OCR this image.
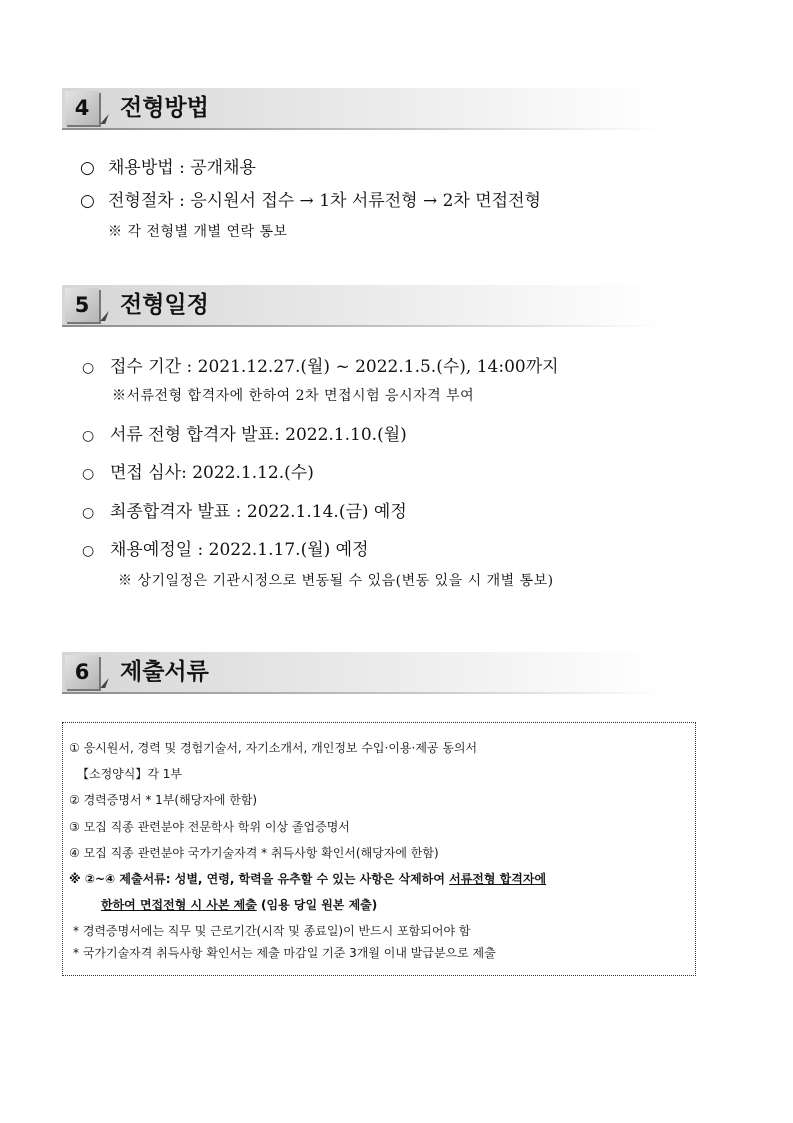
4	전형방법
○ 채용방법 : 공개채용
○ 전형절차 : 응시원서 접수 → 1차 서류전형 → 2차 면접전형
※ 각 전형별 개별 연락 통보
5	전형일정
○ 접수 기간 : 2021.12.27.(월) ~ 2022.1.5.(수), 14:00까지
※서류전형 합격자에 한하여 2차 면접시험 응시자격 부여
○ 서류 전형 합격자 발표: 2022.1.10.(월)
○ 면접 심사: 2022.1.12.(수)
○ 최종합격자 발표 : 2022.1.14.(금) 예정
○ 채용예정일 : 2022.1.17.(월) 예정
※ 상기일정은 기관시정으로 변동될 수 있음(변동 있을 시 개별 통보)
6	제출서류
① 응시원서, 경력 및 경험기술서, 자기소개서, 개인정보 수입·이용·제공 동의서
【소정양식】각 1부
② 경력증명서 * 1부(해당자에 한함)
③ 모집 직종 관련분야 전문학사 학위 이상 졸업증명서
④ 모집 직종 관련분야 국가기술자격 * 취득사항 확인서(해당자에 한함)
※ ②~④ 제출서류: 성별, 연령, 학력을 유추할 수 있는 사항은 삭제하여 서류전형 합격자에
한하여 면접전형 시 사본 제출 (임용 당일 원본 제출)
* 경력증명서에는 직무 및 근로기간(시작 및 종료일)이 반드시 포함되어야 함
* 국가기술자격 취득사항 확인서는 제출 마감일 기준 3개월 이내 발급분으로 제출
